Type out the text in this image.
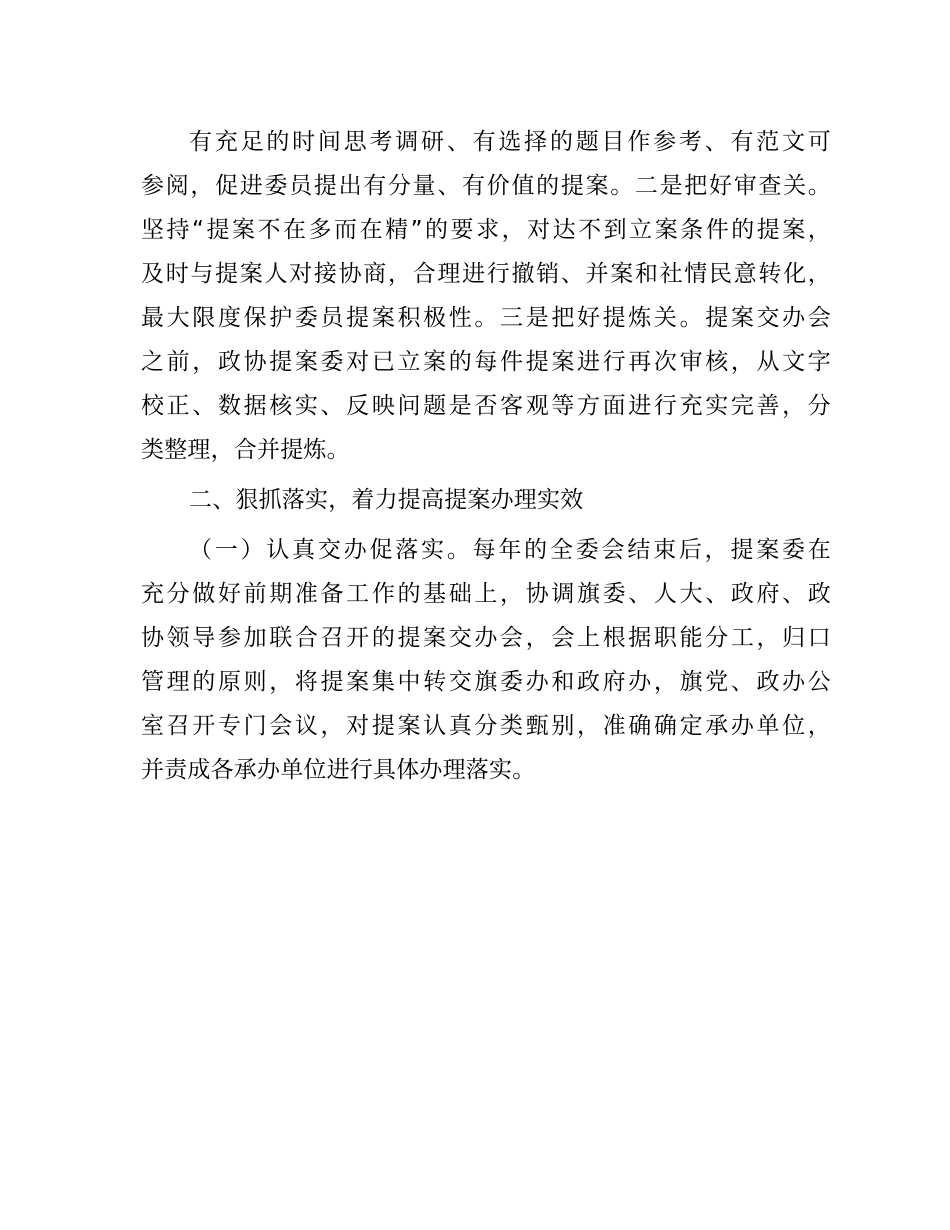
有充足的时间思考调研、有选择的题目作参考、有范文可
参阅，促进委员提出有分量、有价值的提案。二是把好审查关。
坚持“提案不在多而在精”的要求，对达不到立案条件的提案，
及时与提案人对接协商，合理进行撤销、并案和社情民意转化，
最大限度保护委员提案积极性。三是把好提炼关。提案交办会
之前，政协提案委对已立案的每件提案进行再次审核，从文字
校正、数据核实、反映问题是否客观等方面进行充实完善，分
类整理，合并提炼。
二、狠抓落实，着力提高提案办理实效
（一）认真交办促落实。每年的全委会结束后，提案委在
充分做好前期准备工作的基础上，协调旗委、人大、政府、政
协领导参加联合召开的提案交办会，会上根据职能分工，归口
管理的原则，将提案集中转交旗委办和政府办，旗党、政办公
室召开专门会议，对提案认真分类甄别，准确确定承办单位，
并责成各承办单位进行具体办理落实。
